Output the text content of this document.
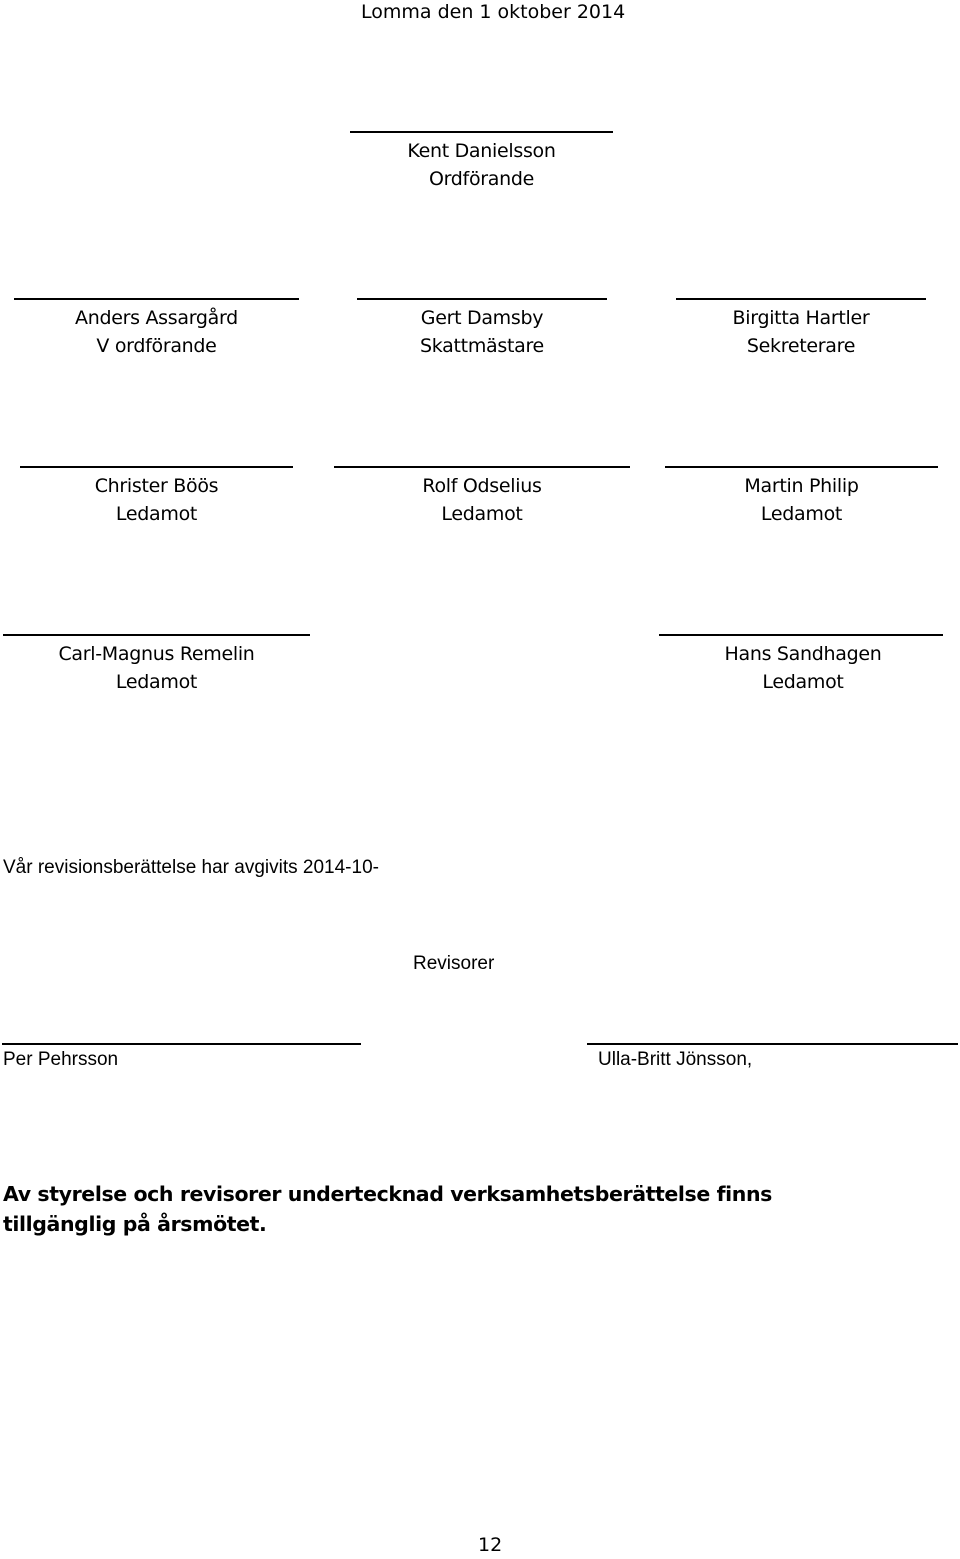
Lomma den 1 oktober 2014
Kent Danielsson
Ordförande
Anders Assargård
V ordförande
Gert Damsby
Skattmästare
Birgitta Hartler
Sekreterare
Christer Böös
Ledamot
Rolf Odselius
Ledamot
Martin Philip
Ledamot
Carl-Magnus Remelin
Ledamot
Hans Sandhagen
Ledamot
Vår revisionsberättelse har avgivits 2014-10-
Revisorer
Per Pehrsson	Ulla-Britt Jönsson,
Av styrelse och revisorer undertecknad verksamhetsberättelse finns tillgänglig på årsmötet.
12
